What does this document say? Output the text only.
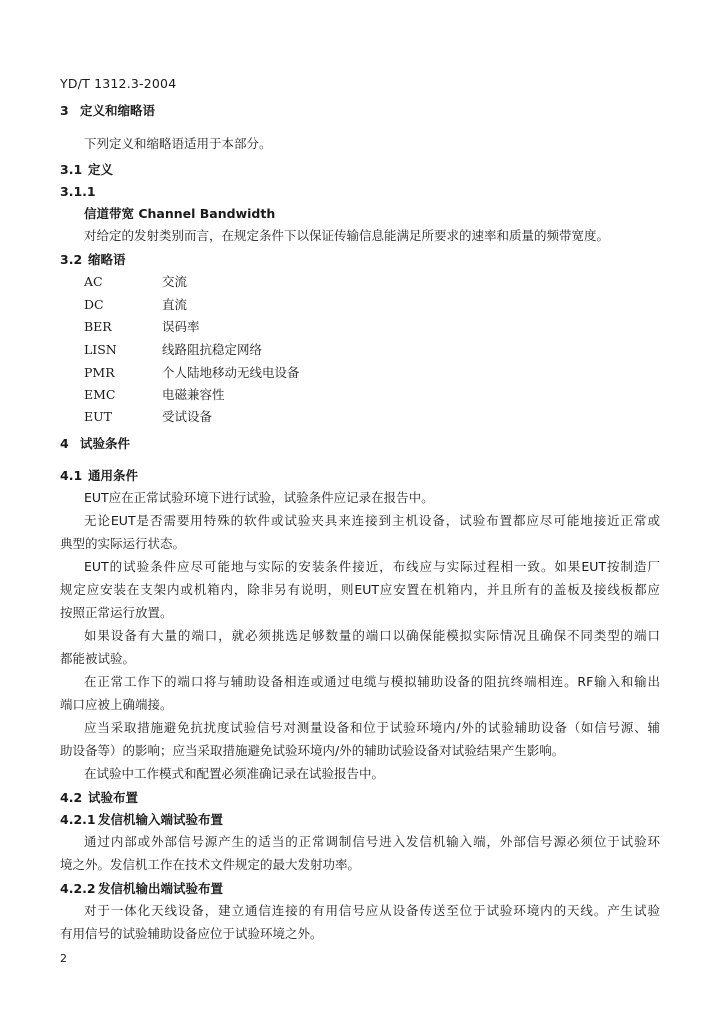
YD/T 1312.3-2004
3 定义和缩略语
下列定义和缩略语适用于本部分。
3.1 定义
3.1.1
信道带宽 Channel Bandwidth
对给定的发射类别而言，在规定条件下以保证传输信息能满足所要求的速率和质量的频带宽度。
3.2 缩略语
AC	交流
DC	直流
BER	误码率
LISN	线路阻抗稳定网络
PMR	个人陆地移动无线电设备
EMC	电磁兼容性
EUT	受试设备
4 试验条件
4.1 通用条件
EUT应在正常试验环境下进行试验，试验条件应记录在报告中。
无论EUT是否需要用特殊的软件或试验夹具来连接到主机设备，试验布置都应尽可能地接近正常或
典型的实际运行状态。
EUT的试验条件应尽可能地与实际的安装条件接近，布线应与实际过程相一致。如果EUT按制造厂
规定应安装在支架内或机箱内，除非另有说明，则EUT应安置在机箱内，并且所有的盖板及接线板都应
按照正常运行放置。
如果设备有大量的端口，就必须挑选足够数量的端口以确保能模拟实际情况且确保不同类型的端口
都能被试验。
在正常工作下的端口将与辅助设备相连或通过电缆与模拟辅助设备的阻抗终端相连。RF输入和输出
端口应被上确端接。
应当采取措施避免抗扰度试验信号对测量设备和位于试验环境内/外的试验辅助设备（如信号源、辅
助设备等）的影响；应当采取措施避免试验环境内/外的辅助试验设备对试验结果产生影响。
在试验中工作模式和配置必须准确记录在试验报告中。
4.2 试验布置
4.2.1 发信机输入端试验布置
通过内部或外部信号源产生的适当的正常调制信号进入发信机输入端，外部信号源必须位于试验环
境之外。发信机工作在技术文件规定的最大发射功率。
4.2.2 发信机输出端试验布置
对于一体化天线设备，建立通信连接的有用信号应从设备传送至位于试验环境内的天线。产生试验
有用信号的试验辅助设备应位于试验环境之外。
2
